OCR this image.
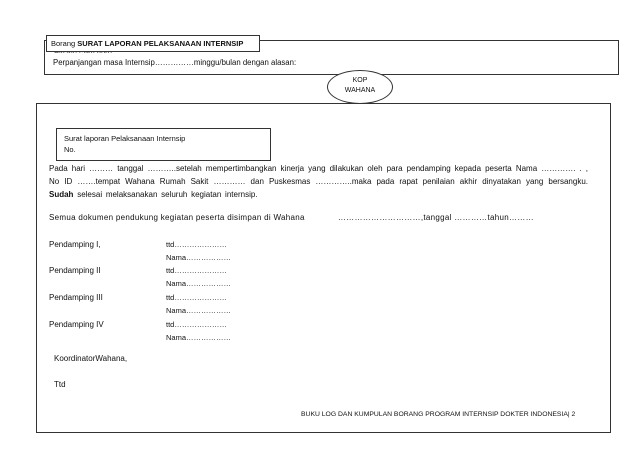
Perpanjangan masa Internsip……………minggu/bulan dengan alasan:
Borang SURAT LAPORAN PELAKSANAAN INTERNSIP
KOP
WAHANA
Surat laporan Pelaksanaan Internsip
No.
Pada hari ……… tanggal ………..setelah mempertimbangkan kinerja yang dilakukan oleh para pendamping kepada peserta Nama …………. . , No ID …….tempat Wahana Rumah Sakit ………… dan Puskesmas …………..maka pada rapat penilaian akhir dinyatakan yang bersangku. Sudah selesai melaksanakan seluruh kegiatan internsip.
Semua dokumen pendukung kegiatan peserta disimpan di Wahana	…………………………,tanggal …………tahun………
Pendamping I,	ttd…………………
Nama………………
Pendamping II	ttd…………………
Nama………………
Pendamping III	ttd…………………
Nama………………
Pendamping IV	ttd…………………
Nama………………
KoordinatorWahana,
Ttd
BUKU LOG DAN KUMPULAN BORANG PROGRAM INTERNSIP DOKTER INDONESIA| 2
